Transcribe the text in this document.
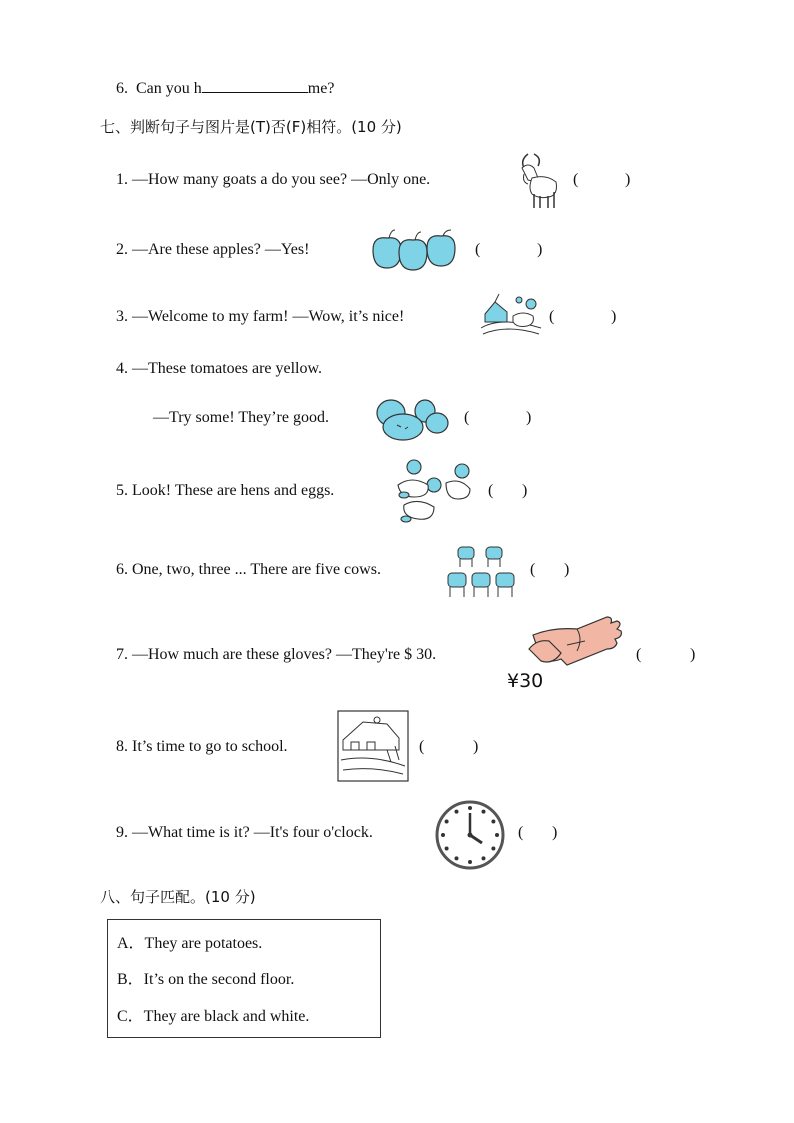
6. Can you h	me?
七、判断句子与图片是(T)否(F)相符。(10 分)
1. —How many goats a do you see? —Only one.	(	)
2. —Are these apples? —Yes!	(	)
3. —Welcome to my farm! —Wow, it’s nice!	(	)
4. —These tomatoes are yellow.
—Try some! They’re good.	(	)
5. Look! These are hens and eggs.	( )
6. One, two, three ... There are five cows.	( )
7. —How much are these gloves? —They're $ 30.
¥30
(	)
8. It’s time to go to school.	(	)
9. —What time is it? —It's four o'clock.	( )
八、句子匹配。(10 分)
A．They are potatoes.
B．It’s on the second floor.
C．They are black and white.
